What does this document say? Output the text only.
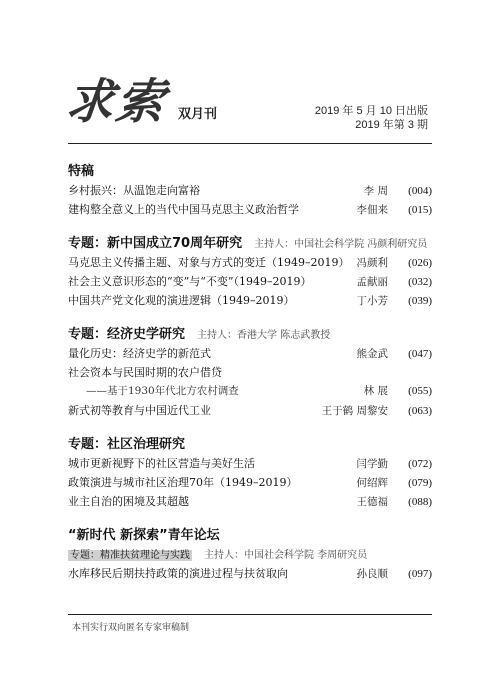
求索 双月刊	2019 年 5 月 10 日出版
2019 年第 3 期
特稿
乡村振兴：从温饱走向富裕	李 周	(004)
建构整全意义上的当代中国马克思主义政治哲学	李佃来	(015)
专题：新中国成立70周年研究 主持人：中国社会科学院 冯颜利研究员
马克思主义传播主题、对象与方式的变迁（1949–2019） 冯颜利	(026)
社会主义意识形态的“变”与“不变”（1949–2019）	孟献丽	(032)
中国共产党文化观的演进逻辑（1949–2019）	丁小芳	(039)
专题：经济史学研究 主持人：香港大学 陈志武教授
量化历史：经济史学的新范式	熊金武	(047)
社会资本与民国时期的农户借贷
——基于1930年代北方农村调查	林 展	(055)
新式初等教育与中国近代工业	王于鹤 周黎安	(063)
专题：社区治理研究
城市更新视野下的社区营造与美好生活	闫学勤	(072)
政策演进与城市社区治理70年（1949–2019）	何绍辉	(079)
业主自治的困境及其超越	王德福	(088)
“新时代 新探索”青年论坛
专题：精准扶贫理论与实践 主持人：中国社会科学院 李周研究员
水库移民后期扶持政策的演进过程与扶贫取向	孙良顺	(097)
本刊实行双向匿名专家审稿制
